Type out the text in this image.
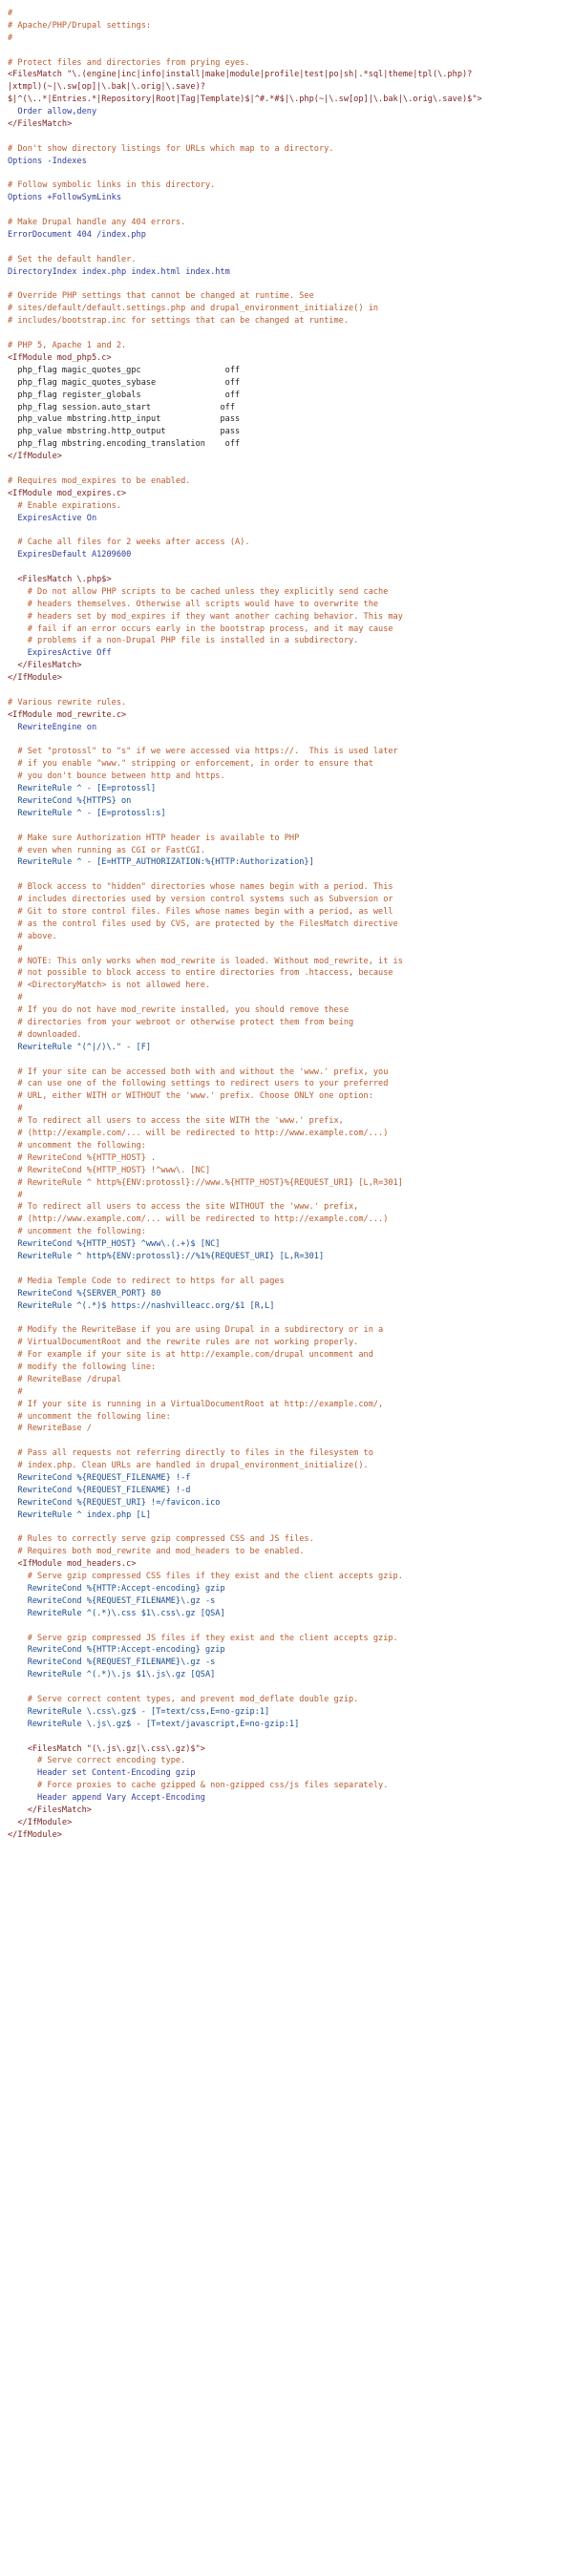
#
# Apache/PHP/Drupal settings:
#
# Protect files and directories from prying eyes.
<FilesMatch "\.(engine|inc|info|install|make|module|profile|test|po|sh|.*sql|theme|tpl(\.php)?
|xtmpl)(~|\.sw[op]|\.bak|\.orig|\.save)?
$|^(\..*|Entries.*|Repository|Root|Tag|Template)$|^#.*#$|\.php(~|\.sw[op]|\.bak|\.orig\.save)$">
Order allow,deny
</FilesMatch>
# Don't show directory listings for URLs which map to a directory.
Options -Indexes
# Follow symbolic links in this directory.
Options +FollowSymLinks
# Make Drupal handle any 404 errors.
ErrorDocument 404 /index.php
# Set the default handler.
DirectoryIndex index.php index.html index.htm
# Override PHP settings that cannot be changed at runtime. See
# sites/default/default.settings.php and drupal_environment_initialize() in
# includes/bootstrap.inc for settings that can be changed at runtime.
# PHP 5, Apache 1 and 2.
<IfModule mod_php5.c>
php_flag magic_quotes_gpc                 off
php_flag magic_quotes_sybase              off
php_flag register_globals                 off
php_flag session.auto_start              off
php_value mbstring.http_input            pass
php_value mbstring.http_output           pass
php_flag mbstring.encoding_translation    off
</IfModule>
# Requires mod_expires to be enabled.
<IfModule mod_expires.c>
# Enable expirations.
ExpiresActive On
# Cache all files for 2 weeks after access (A).
ExpiresDefault A1209600
<FilesMatch \.php$>
# Do not allow PHP scripts to be cached unless they explicitly send cache
# headers themselves. Otherwise all scripts would have to overwrite the
# headers set by mod_expires if they want another caching behavior. This may
# fail if an error occurs early in the bootstrap process, and it may cause
# problems if a non-Drupal PHP file is installed in a subdirectory.
ExpiresActive Off
</FilesMatch>
</IfModule>
# Various rewrite rules.
<IfModule mod_rewrite.c>
RewriteEngine on
# Set "protossl" to "s" if we were accessed via https://.  This is used later
# if you enable "www." stripping or enforcement, in order to ensure that
# you don't bounce between http and https.
RewriteRule ^ - [E=protossl]
RewriteCond %{HTTPS} on
RewriteRule ^ - [E=protossl:s]
# Make sure Authorization HTTP header is available to PHP
# even when running as CGI or FastCGI.
RewriteRule ^ - [E=HTTP_AUTHORIZATION:%{HTTP:Authorization}]
# Block access to "hidden" directories whose names begin with a period. This
# includes directories used by version control systems such as Subversion or
# Git to store control files. Files whose names begin with a period, as well
# as the control files used by CVS, are protected by the FilesMatch directive
# above.
#
# NOTE: This only works when mod_rewrite is loaded. Without mod_rewrite, it is
# not possible to block access to entire directories from .htaccess, because
# <DirectoryMatch> is not allowed here.
#
# If you do not have mod_rewrite installed, you should remove these
# directories from your webroot or otherwise protect them from being
# downloaded.
RewriteRule "(^|/)\." - [F]
# If your site can be accessed both with and without the 'www.' prefix, you
# can use one of the following settings to redirect users to your preferred
# URL, either WITH or WITHOUT the 'www.' prefix. Choose ONLY one option:
#
# To redirect all users to access the site WITH the 'www.' prefix,
# (http://example.com/... will be redirected to http://www.example.com/...)
# uncomment the following:
# RewriteCond %{HTTP_HOST} .
# RewriteCond %{HTTP_HOST} !^www\. [NC]
# RewriteRule ^ http%{ENV:protossl}://www.%{HTTP_HOST}%{REQUEST_URI} [L,R=301]
#
# To redirect all users to access the site WITHOUT the 'www.' prefix,
# (http://www.example.com/... will be redirected to http://example.com/...)
# uncomment the following:
RewriteCond %{HTTP_HOST} ^www\.(.+)$ [NC]
RewriteRule ^ http%{ENV:protossl}://%1%{REQUEST_URI} [L,R=301]
# Media Temple Code to redirect to https for all pages
RewriteCond %{SERVER_PORT} 80
RewriteRule ^(.*)$ https://nashvilleacc.org/$1 [R,L]
# Modify the RewriteBase if you are using Drupal in a subdirectory or in a
# VirtualDocumentRoot and the rewrite rules are not working properly.
# For example if your site is at http://example.com/drupal uncomment and
# modify the following line:
# RewriteBase /drupal
#
# If your site is running in a VirtualDocumentRoot at http://example.com/,
# uncomment the following line:
# RewriteBase /
# Pass all requests not referring directly to files in the filesystem to
# index.php. Clean URLs are handled in drupal_environment_initialize().
RewriteCond %{REQUEST_FILENAME} !-f
RewriteCond %{REQUEST_FILENAME} !-d
RewriteCond %{REQUEST_URI} !=/favicon.ico
RewriteRule ^ index.php [L]
# Rules to correctly serve gzip compressed CSS and JS files.
# Requires both mod_rewrite and mod_headers to be enabled.
<IfModule mod_headers.c>
# Serve gzip compressed CSS files if they exist and the client accepts gzip.
RewriteCond %{HTTP:Accept-encoding} gzip
RewriteCond %{REQUEST_FILENAME}\.gz -s
RewriteRule ^(.*)\.css $1\.css\.gz [QSA]
# Serve gzip compressed JS files if they exist and the client accepts gzip.
RewriteCond %{HTTP:Accept-encoding} gzip
RewriteCond %{REQUEST_FILENAME}\.gz -s
RewriteRule ^(.*)\.js $1\.js\.gz [QSA]
# Serve correct content types, and prevent mod_deflate double gzip.
RewriteRule \.css\.gz$ - [T=text/css,E=no-gzip:1]
RewriteRule \.js\.gz$ - [T=text/javascript,E=no-gzip:1]
<FilesMatch "(\.js\.gz|\.css\.gz)$">
# Serve correct encoding type.
Header set Content-Encoding gzip
# Force proxies to cache gzipped & non-gzipped css/js files separately.
Header append Vary Accept-Encoding
</FilesMatch>
</IfModule>
</IfModule>
